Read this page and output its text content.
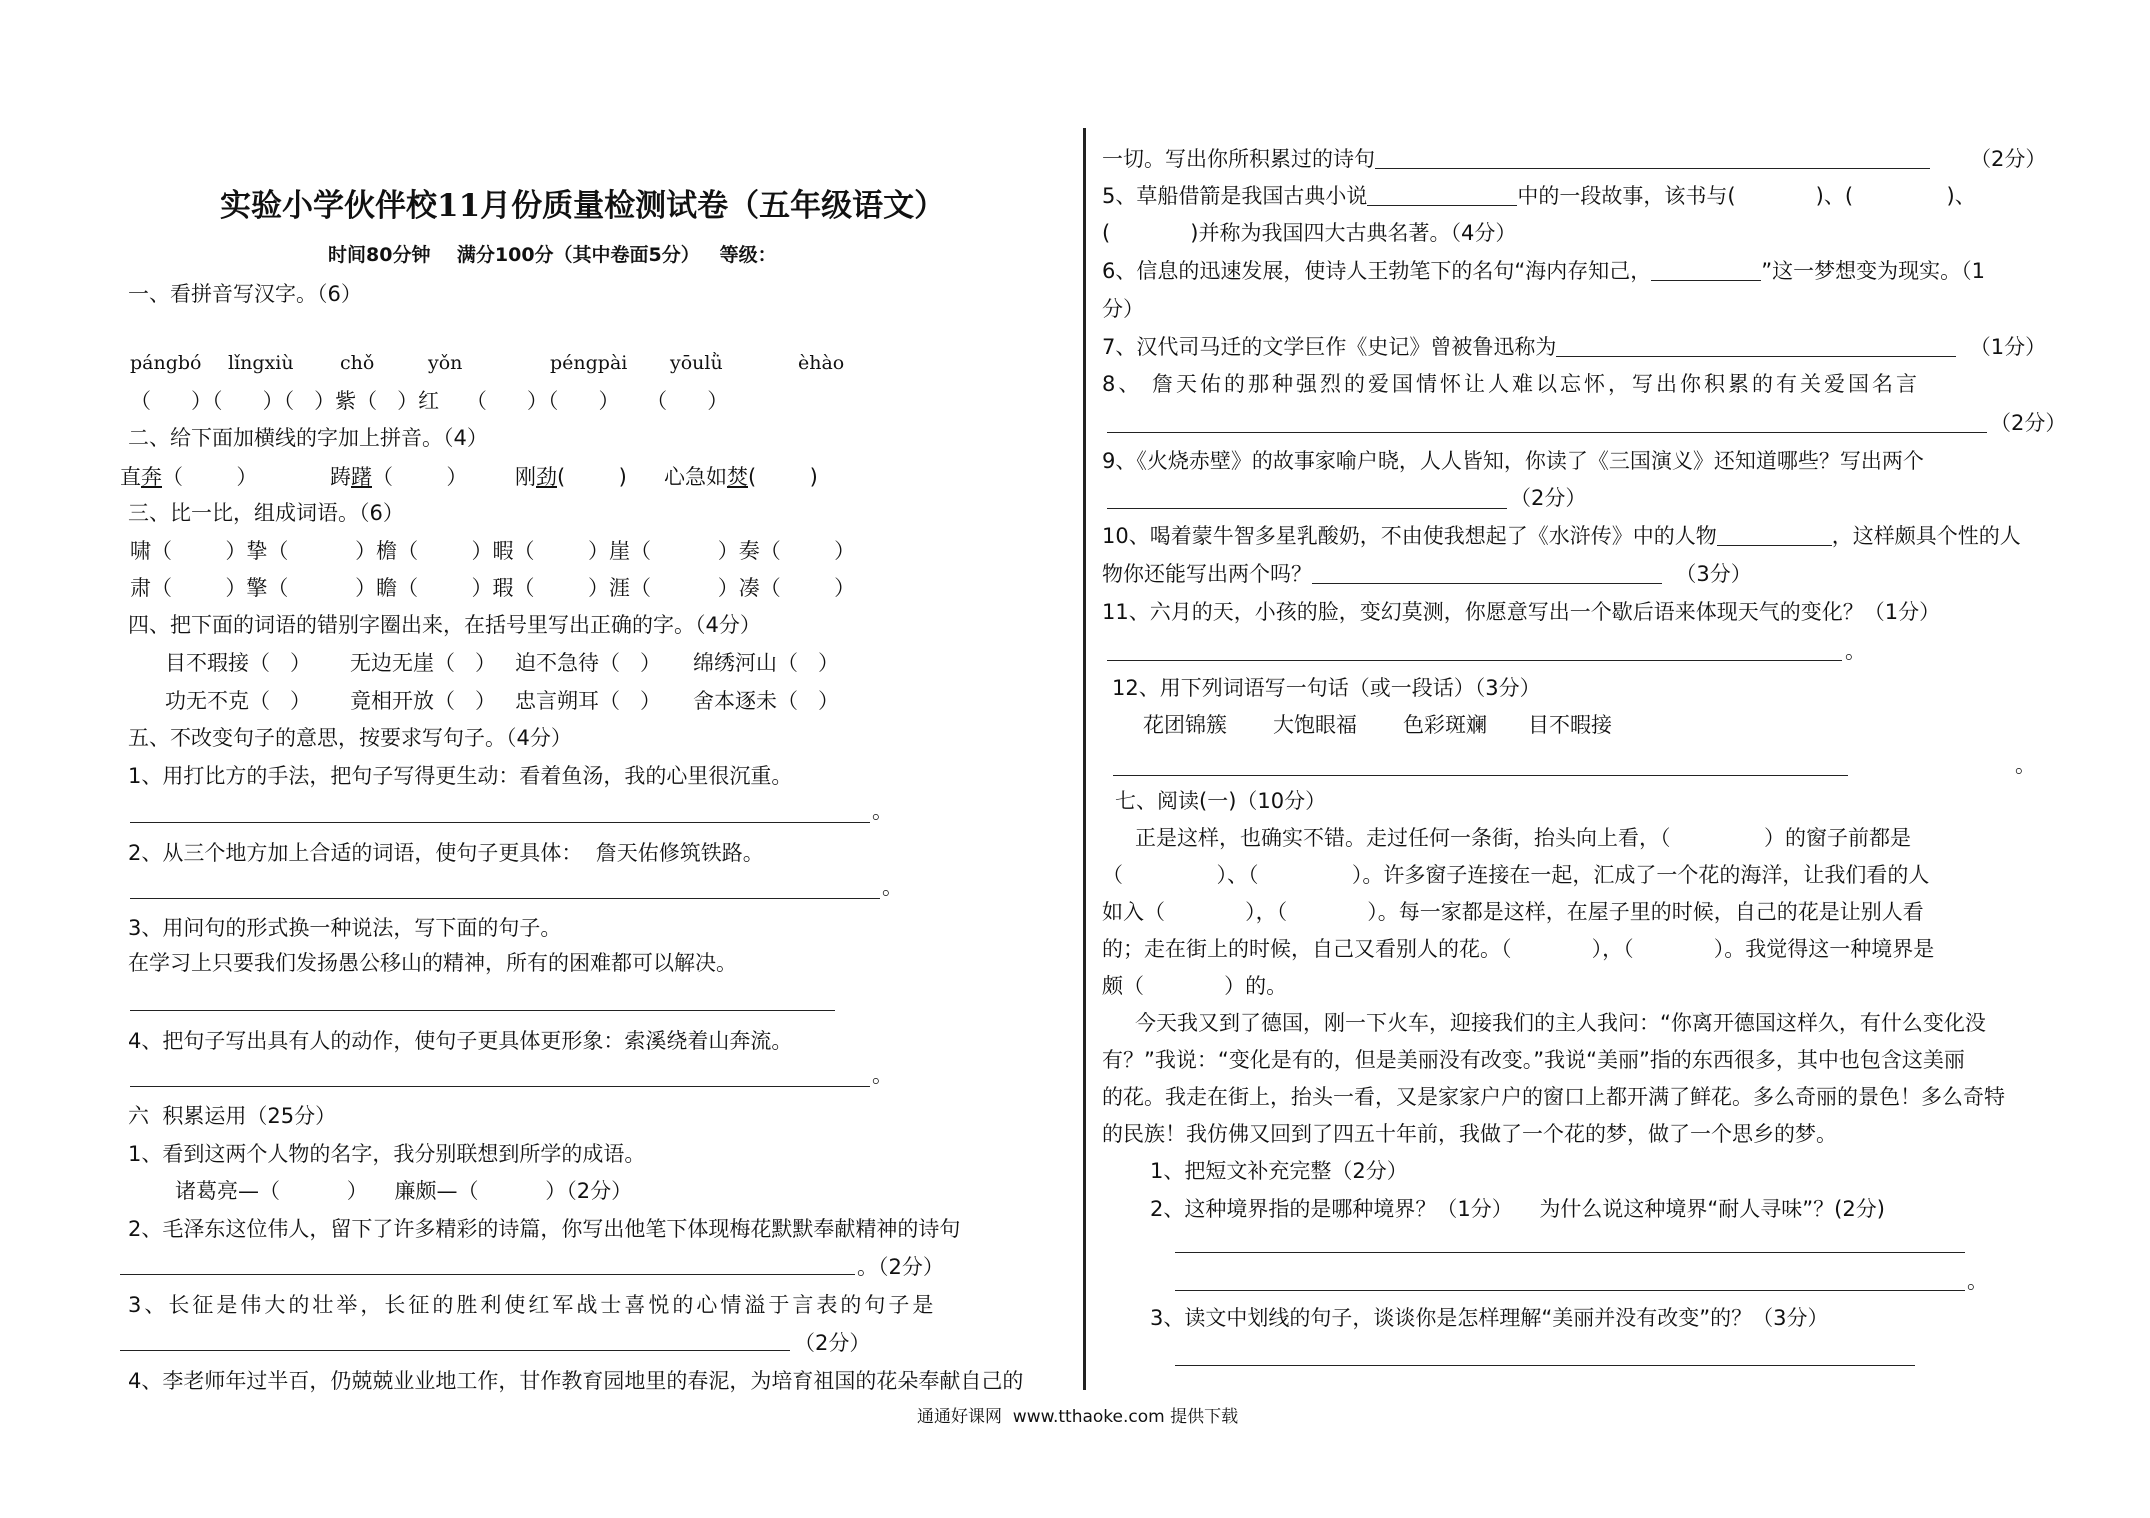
实验小学伙伴校11月份质量检测试卷（五年级语文）
时间80分钟    满分100分（其中卷面5分）   等级：
一、看拼音写汉字。（6）
pángbó lǐngxiù chǒ	yǒn	péngpài yōulǜ	èhào
（      ）（      ）（   ）紫（   ）红    （      ）（      ）    （      ）
二、给下面加横线的字加上拼音。（4）
直奔（        ）	踌躇（        ） 刚劲(        ) 心急如焚(        )
三、比一比，组成词语。（6）
啸（        ）挚（          ）檐（        ）暇（        ）崖（          ）奏（        ）
肃（        ）擎（          ）瞻（        ）瑕（        ）涯（          ）凑（        ）
四、把下面的词语的错别字圈出来，在括号里写出正确的字。（4分）
目不瑕接（   ） 无边无崖（   ） 迫不急待（   ） 绵绣河山（   ）
功无不克（   ） 竟相开放（   ） 忠言朔耳（   ） 舍本逐未（   ）
五、不改变句子的意思，按要求写句子。（4分）
1、用打比方的手法，把句子写得更生动：看着鱼汤，我的心里很沉重。
。
2、从三个地方加上合适的词语，使句子更具体：  詹天佑修筑铁路。
。
3、用问句的形式换一种说法，写下面的句子。
在学习上只要我们发扬愚公移山的精神，所有的困难都可以解决。
4、把句子写出具有人的动作，使句子更具体更形象：索溪绕着山奔流。
。
六  积累运用（25分）
1、看到这两个人物的名字，我分别联想到所学的成语。
诸葛亮—（          ）    廉颇—（          ）（2分）
2、毛泽东这位伟人，留下了许多精彩的诗篇，你写出他笔下体现梅花默默奉献精神的诗句
。（2分）
3、长征是伟大的壮举，长征的胜利使红军战士喜悦的心情溢于言表的句子是
（2分）
4、李老师年过半百，仍兢兢业业地工作，甘作教育园地里的春泥，为培育祖国的花朵奉献自己的
一切。写出你所积累过的诗句	（2分）
5、草船借箭是我国古典小说	中的一段故事，该书与(            )、(              )、
(            )并称为我国四大古典名著。（4分）
6、信息的迅速发展，使诗人王勃笔下的名句“海内存知己，	”这一梦想变为现实。（1
分）
7、汉代司马迁的文学巨作《史记》曾被鲁迅称为	（1分）
8、 詹天佑的那种强烈的爱国情怀让人难以忘怀，写出你积累的有关爱国名言
（2分）
9、《火烧赤壁》的故事家喻户晓，人人皆知，你读了《三国演义》还知道哪些？写出两个
（2分）
10、喝着蒙牛智多星乳酸奶，不由使我想起了《水浒传》中的人物	，这样颇具个性的人
物你还能写出两个吗？	（3分）
11、六月的天，小孩的脸，变幻莫测，你愿意写出一个歇后语来体现天气的变化？（1分）
。
12、用下列词语写一句话（或一段话）（3分）
花团锦簇 大饱眼福 色彩斑斓 目不暇接
。
七、阅读(一)（10分）
正是这样，也确实不错。走过任何一条街，抬头向上看，（              ）的窗子前都是
（              ）、（              ）。许多窗子连接在一起，汇成了一个花的海洋，让我们看的人
如入（            ），（            ）。每一家都是这样，在屋子里的时候，自己的花是让别人看
的；走在街上的时候，自己又看别人的花。（            ），（            ）。我觉得这一种境界是
颇（            ）的。
今天我又到了德国，刚一下火车，迎接我们的主人我问：“你离开德国这样久，有什么变化没
有？”我说：“变化是有的，但是美丽没有改变。”我说“美丽”指的东西很多，其中也包含这美丽
的花。我走在街上，抬头一看，又是家家户户的窗口上都开满了鲜花。多么奇丽的景色！多么奇特
的民族！我仿佛又回到了四五十年前，我做了一个花的梦，做了一个思乡的梦。
1、把短文补充完整（2分）
2、这种境界指的是哪种境界？（1分）    为什么说这种境界“耐人寻味”？(2分)
。
3、读文中划线的句子，谈谈你是怎样理解“美丽并没有改变”的？（3分）
通通好课网  www.tthaoke.com 提供下载
